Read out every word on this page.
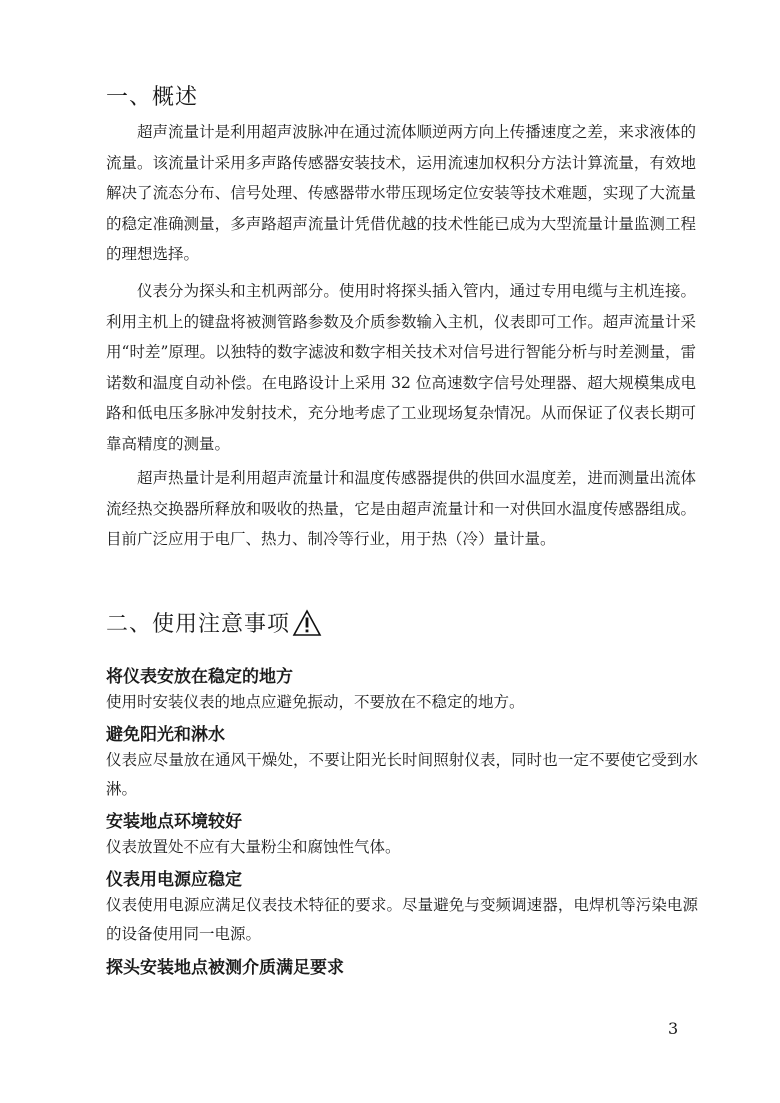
一、概述

超声流量计是利用超声波脉冲在通过流体顺逆两方向上传播速度之差，来求液体的流量。该流量计采用多声路传感器安装技术，运用流速加权积分方法计算流量，有效地解决了流态分布、信号处理、传感器带水带压现场定位安装等技术难题，实现了大流量的稳定准确测量，多声路超声流量计凭借优越的技术性能已成为大型流量计量监测工程的理想选择。

仪表分为探头和主机两部分。使用时将探头插入管内，通过专用电缆与主机连接。利用主机上的键盘将被测管路参数及介质参数输入主机，仪表即可工作。超声流量计采用“时差”原理。以独特的数字滤波和数字相关技术对信号进行智能分析与时差测量，雷诺数和温度自动补偿。在电路设计上采用 32 位高速数字信号处理器、超大规模集成电路和低电压多脉冲发射技术，充分地考虑了工业现场复杂情况。从而保证了仪表长期可靠高精度的测量。

超声热量计是利用超声流量计和温度传感器提供的供回水温度差，进而测量出流体流经热交换器所释放和吸收的热量，它是由超声流量计和一对供回水温度传感器组成。目前广泛应用于电厂、热力、制冷等行业，用于热（冷）量计量。

二、使用注意事项
将仪表安放在稳定的地方

使用时安装仪表的地点应避免振动，不要放在不稳定的地方。

避免阳光和淋水

仪表应尽量放在通风干燥处，不要让阳光长时间照射仪表，同时也一定不要使它受到水淋。

安装地点环境较好

仪表放置处不应有大量粉尘和腐蚀性气体。

仪表用电源应稳定

仪表使用电源应满足仪表技术特征的要求。尽量避免与变频调速器，电焊机等污染电源的设备使用同一电源。

探头安装地点被测介质满足要求
3
